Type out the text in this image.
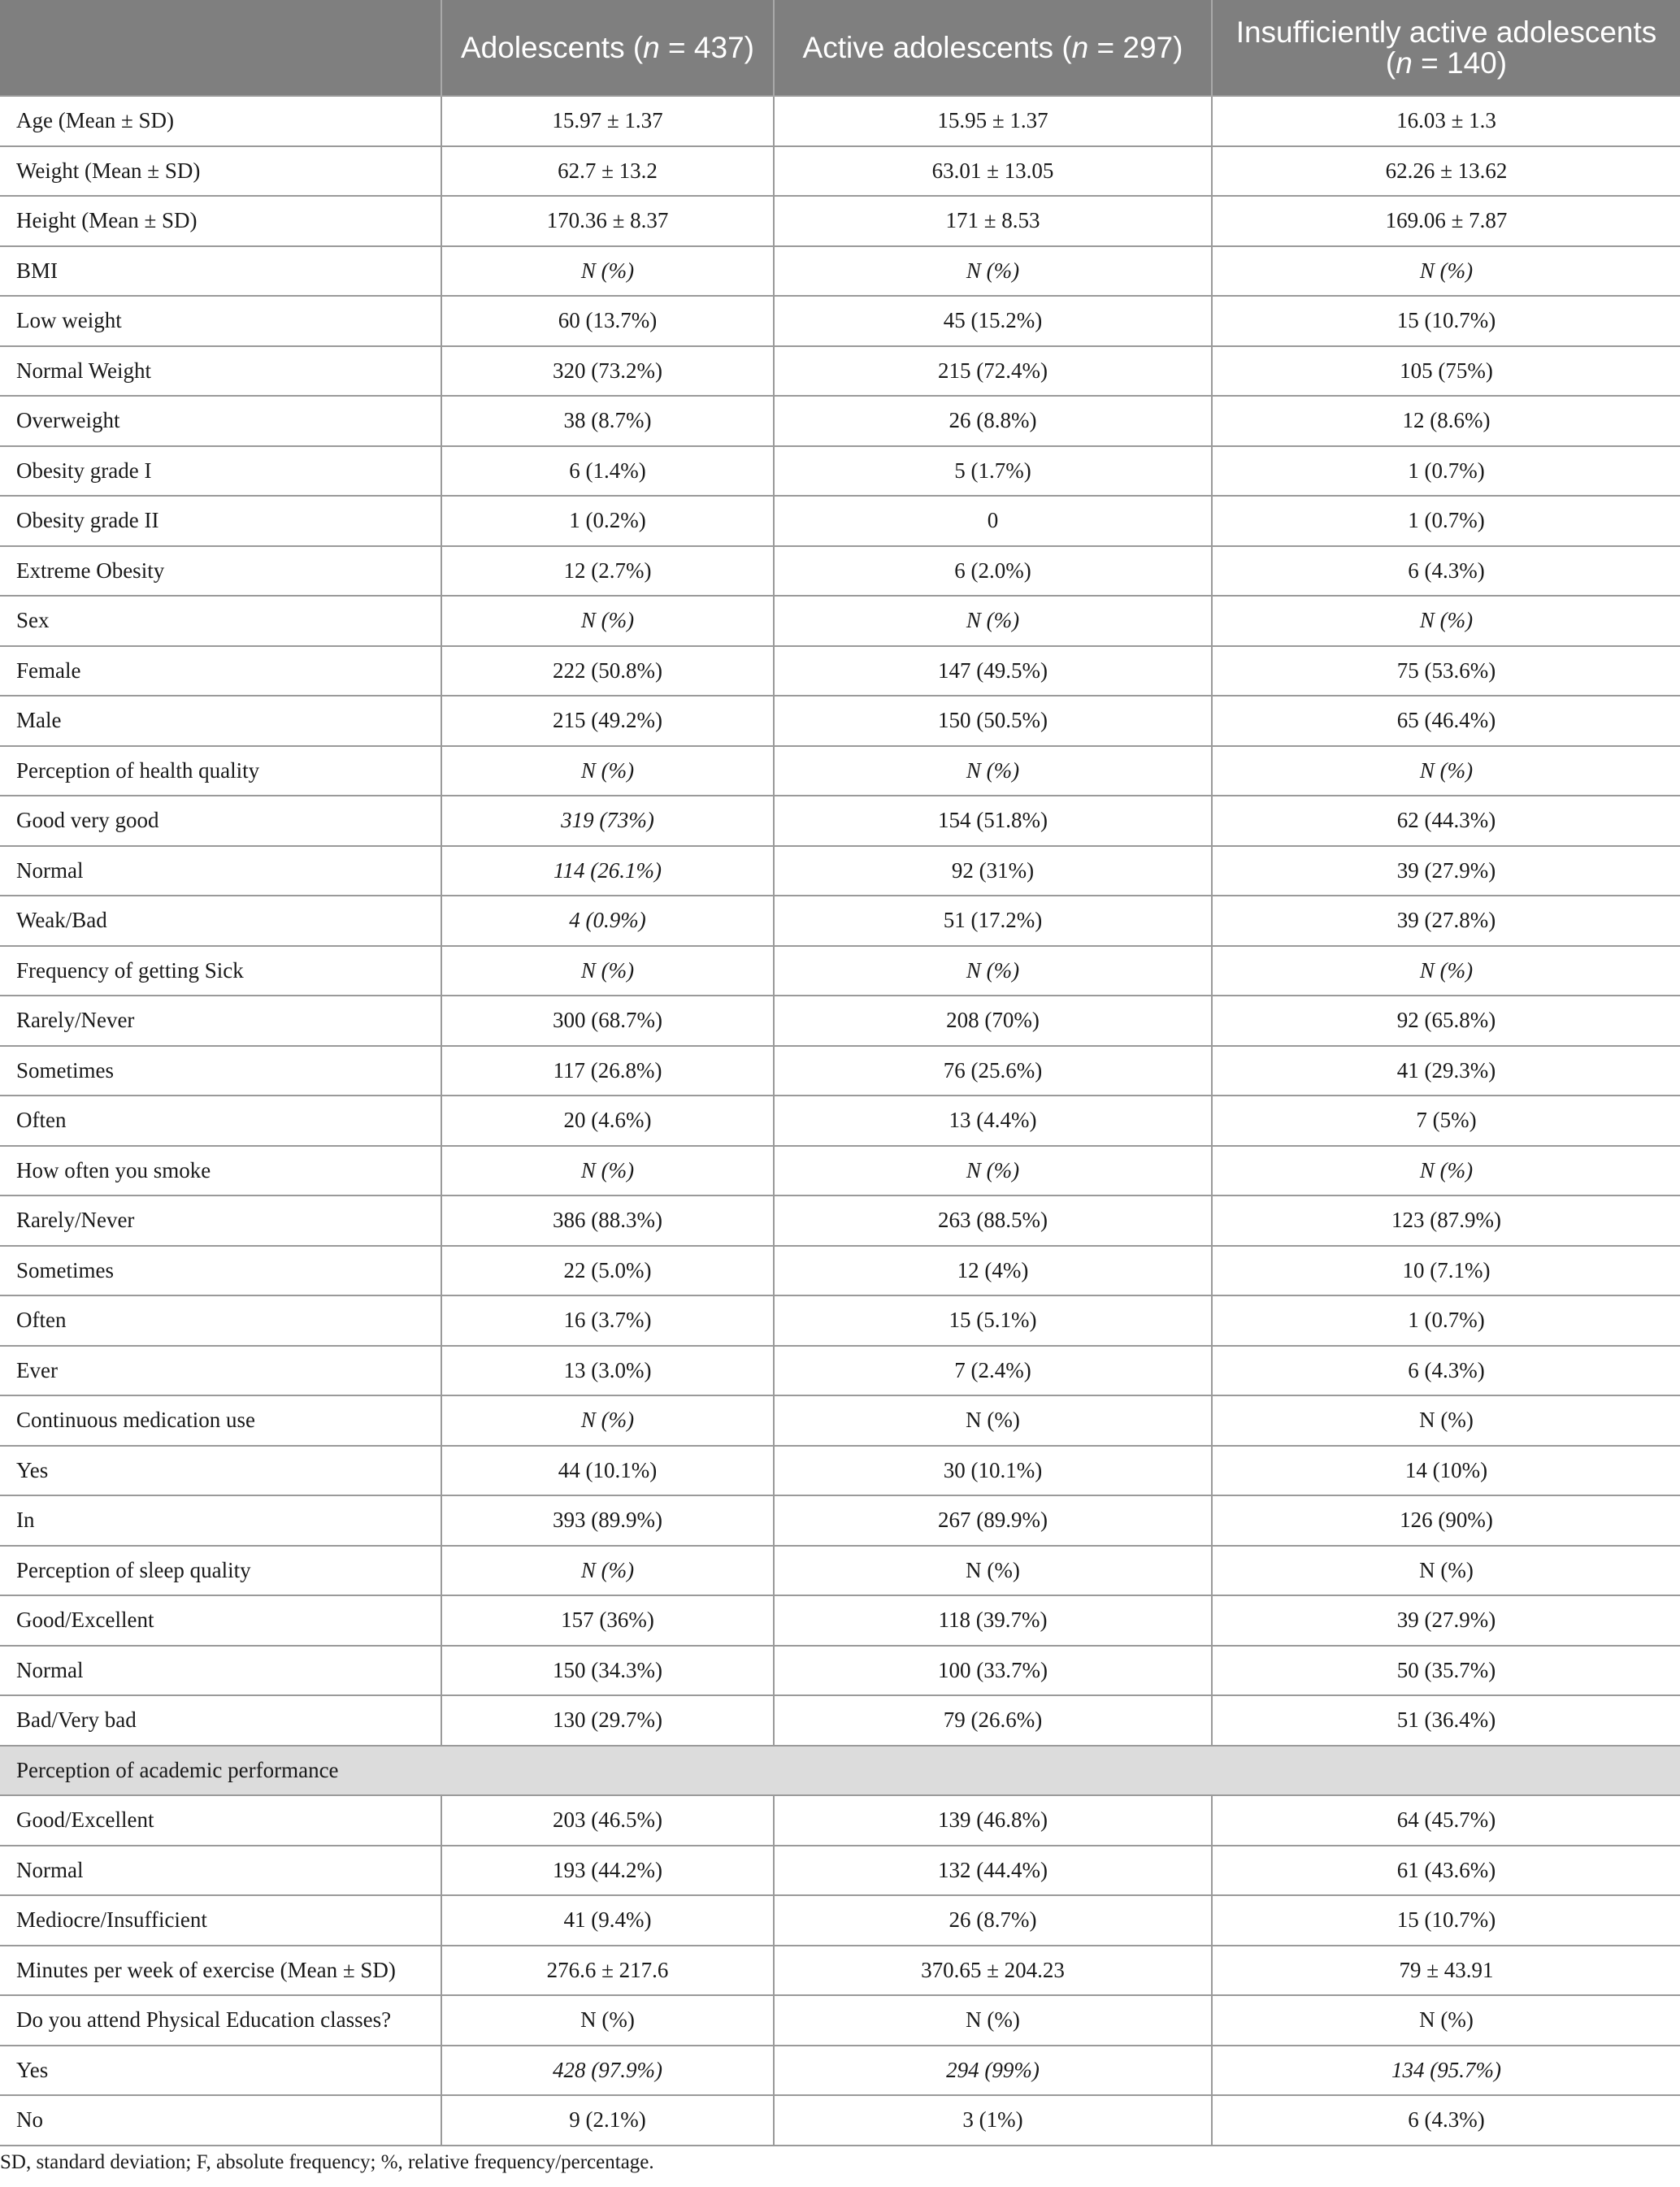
	Adolescents (n = 437)	Active adolescents (n = 297)	Insufficiently active adolescents (n = 140)
Age (Mean ± SD)	15.97 ± 1.37	15.95 ± 1.37	16.03 ± 1.3
Weight (Mean ± SD)	62.7 ± 13.2	63.01 ± 13.05	62.26 ± 13.62
Height (Mean ± SD)	170.36 ± 8.37	171 ± 8.53	169.06 ± 7.87
BMI	N (%)	N (%)	N (%)
Low weight	60 (13.7%)	45 (15.2%)	15 (10.7%)
Normal Weight	320 (73.2%)	215 (72.4%)	105 (75%)
Overweight	38 (8.7%)	26 (8.8%)	12 (8.6%)
Obesity grade I	6 (1.4%)	5 (1.7%)	1 (0.7%)
Obesity grade II	1 (0.2%)	0	1 (0.7%)
Extreme Obesity	12 (2.7%)	6 (2.0%)	6 (4.3%)
Sex	N (%)	N (%)	N (%)
Female	222 (50.8%)	147 (49.5%)	75 (53.6%)
Male	215 (49.2%)	150 (50.5%)	65 (46.4%)
Perception of health quality	N (%)	N (%)	N (%)
Good very good	319 (73%)	154 (51.8%)	62 (44.3%)
Normal	114 (26.1%)	92 (31%)	39 (27.9%)
Weak/Bad	4 (0.9%)	51 (17.2%)	39 (27.8%)
Frequency of getting Sick	N (%)	N (%)	N (%)
Rarely/Never	300 (68.7%)	208 (70%)	92 (65.8%)
Sometimes	117 (26.8%)	76 (25.6%)	41 (29.3%)
Often	20 (4.6%)	13 (4.4%)	7 (5%)
How often you smoke	N (%)	N (%)	N (%)
Rarely/Never	386 (88.3%)	263 (88.5%)	123 (87.9%)
Sometimes	22 (5.0%)	12 (4%)	10 (7.1%)
Often	16 (3.7%)	15 (5.1%)	1 (0.7%)
Ever	13 (3.0%)	7 (2.4%)	6 (4.3%)
Continuous medication use	N (%)	N (%)	N (%)
Yes	44 (10.1%)	30 (10.1%)	14 (10%)
In	393 (89.9%)	267 (89.9%)	126 (90%)
Perception of sleep quality	N (%)	N (%)	N (%)
Good/Excellent	157 (36%)	118 (39.7%)	39 (27.9%)
Normal	150 (34.3%)	100 (33.7%)	50 (35.7%)
Bad/Very bad	130 (29.7%)	79 (26.6%)	51 (36.4%)
Perception of academic performance			
Good/Excellent	203 (46.5%)	139 (46.8%)	64 (45.7%)
Normal	193 (44.2%)	132 (44.4%)	61 (43.6%)
Mediocre/Insufficient	41 (9.4%)	26 (8.7%)	15 (10.7%)
Minutes per week of exercise (Mean ± SD)	276.6 ± 217.6	370.65 ± 204.23	79 ± 43.91
Do you attend Physical Education classes?	N (%)	N (%)	N (%)
Yes	428 (97.9%)	294 (99%)	134 (95.7%)
No	9 (2.1%)	3 (1%)	6 (4.3%)
SD, standard deviation; F, absolute frequency; %, relative frequency/percentage.
